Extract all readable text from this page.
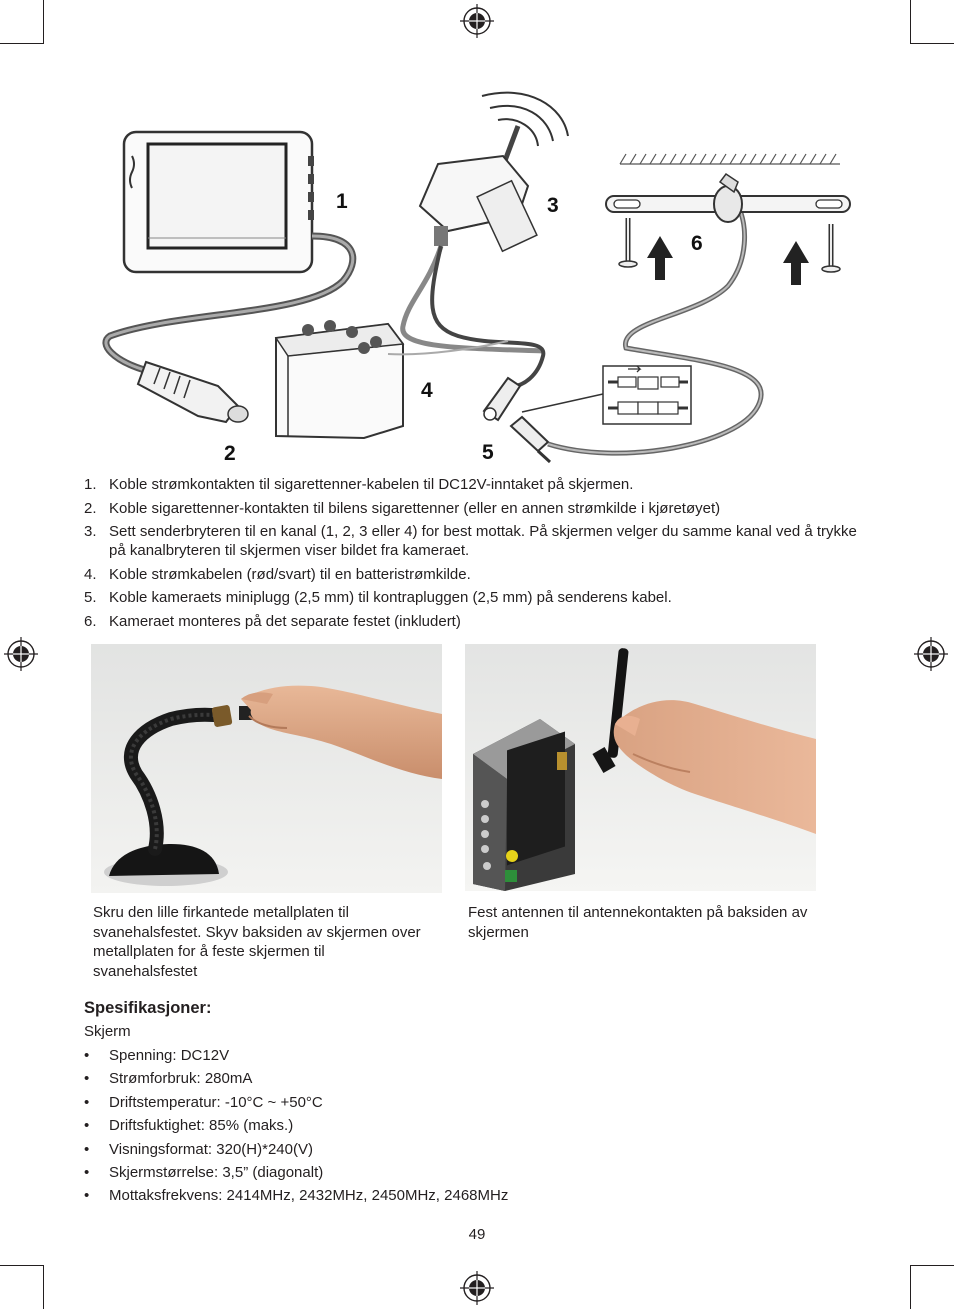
1
2
3
4
5
6
1. Koble strømkontakten til sigarettenner-kabelen til DC12V-inntaket på skjermen.
2. Koble sigarettenner-kontakten til bilens sigarettenner (eller en annen strømkilde i kjøretøyet)
3. Sett senderbryteren til en kanal (1, 2, 3 eller 4) for best mottak. På skjermen velger du samme kanal ved å trykke på kanalbryteren til skjermen viser bildet fra kameraet.
4. Koble strømkabelen (rød/svart) til en batteristrømkilde.
5. Koble kameraets miniplugg (2,5 mm) til kontrapluggen (2,5 mm) på senderens kabel.
6. Kameraet monteres på det separate festet (inkludert)
Skru den lille firkantede metallplaten til svanehalsfestet. Skyv baksiden av skjermen over metallplaten for å feste skjermen til svanehalsfestet
Fest antennen til antennekontakten på baksiden av skjermen
Spesifikasjoner:
Skjerm
• Spenning: DC12V
• Strømforbruk: 280mA
• Driftstemperatur: -10°C ~ +50°C
• Driftsfuktighet: 85% (maks.)
• Visningsformat: 320(H)*240(V)
• Skjermstørrelse: 3,5” (diagonalt)
• Mottaksfrekvens: 2414MHz, 2432MHz, 2450MHz, 2468MHz
49
